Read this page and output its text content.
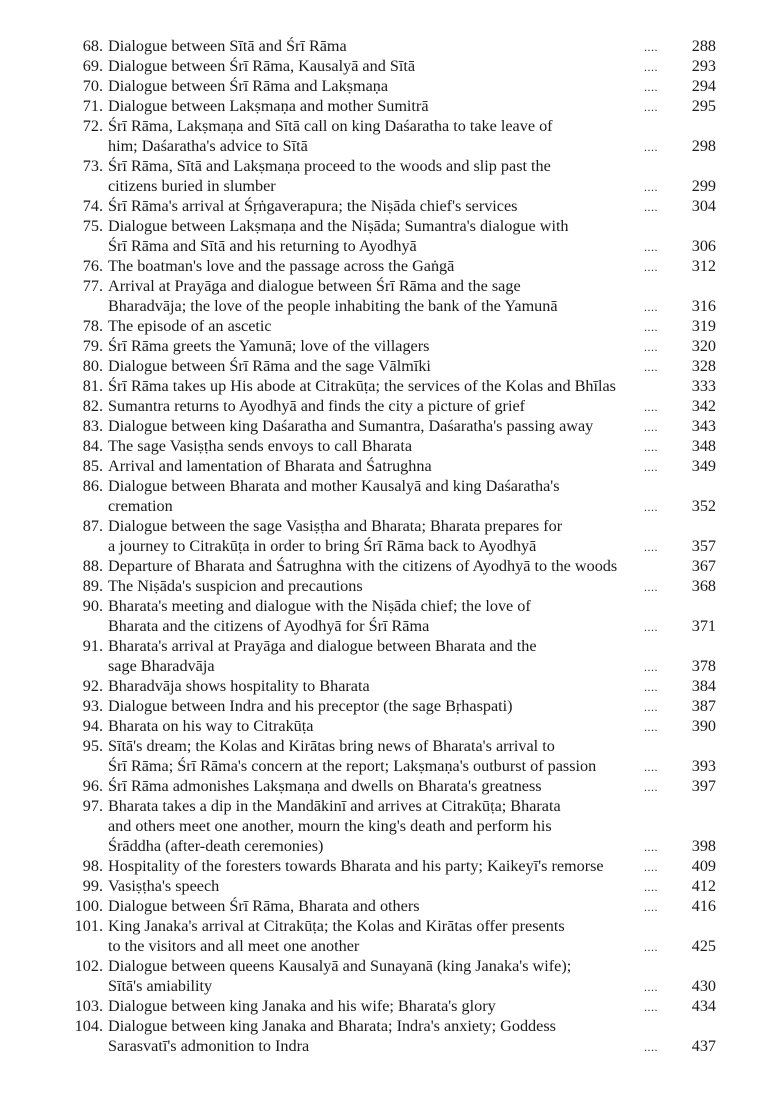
68. Dialogue between Sītā and Śrī Rāma	....	288
69. Dialogue between Śrī Rāma, Kausalyā and Sītā	....	293
70. Dialogue between Śrī Rāma and Lakṣmaṇa	....	294
71. Dialogue between Lakṣmaṇa and mother Sumitrā	....	295
72. Śrī Rāma, Lakṣmaṇa and Sītā call on king Daśaratha to take leave of
him; Daśaratha's advice to Sītā	....	298
73. Śrī Rāma, Sītā and Lakṣmaṇa proceed to the woods and slip past the
citizens buried in slumber	....	299
74. Śrī Rāma's arrival at Śṛṅgaverapura; the Niṣāda chief's services	....	304
75. Dialogue between Lakṣmaṇa and the Niṣāda; Sumantra's dialogue with
Śrī Rāma and Sītā and his returning to Ayodhyā	....	306
76. The boatman's love and the passage across the Gaṅgā	....	312
77. Arrival at Prayāga and dialogue between Śrī Rāma and the sage
Bharadvāja; the love of the people inhabiting the bank of the Yamunā	....	316
78. The episode of an ascetic	....	319
79. Śrī Rāma greets the Yamunā; love of the villagers	....	320
80. Dialogue between Śrī Rāma and the sage Vālmīki	....	328
81. Śrī Rāma takes up His abode at Citrakūṭa; the services of the Kolas and Bhīlas	333
82. Sumantra returns to Ayodhyā and finds the city a picture of grief	....	342
83. Dialogue between king Daśaratha and Sumantra, Daśaratha's passing away	....	343
84. The sage Vasiṣṭha sends envoys to call Bharata	....	348
85. Arrival and lamentation of Bharata and Śatrughna	....	349
86. Dialogue between Bharata and mother Kausalyā and king Daśaratha's
cremation	....	352
87. Dialogue between the sage Vasiṣṭha and Bharata; Bharata prepares for
a journey to Citrakūṭa in order to bring Śrī Rāma back to Ayodhyā	....	357
88. Departure of Bharata and Śatrughna with the citizens of Ayodhyā to the woods	367
89. The Niṣāda's suspicion and precautions	....	368
90. Bharata's meeting and dialogue with the Niṣāda chief; the love of
Bharata and the citizens of Ayodhyā for Śrī Rāma	....	371
91. Bharata's arrival at Prayāga and dialogue between Bharata and the
sage Bharadvāja	....	378
92. Bharadvāja shows hospitality to Bharata	....	384
93. Dialogue between Indra and his preceptor (the sage Bṛhaspati)	....	387
94. Bharata on his way to Citrakūṭa	....	390
95. Sītā's dream; the Kolas and Kirātas bring news of Bharata's arrival to
Śrī Rāma; Śrī Rāma's concern at the report; Lakṣmaṇa's outburst of passion	....	393
96. Śrī Rāma admonishes Lakṣmaṇa and dwells on Bharata's greatness	....	397
97. Bharata takes a dip in the Mandākinī and arrives at Citrakūṭa; Bharata
and others meet one another, mourn the king's death and perform his
Śrāddha (after-death ceremonies)	....	398
98. Hospitality of the foresters towards Bharata and his party; Kaikeyī's remorse	....	409
99. Vasiṣṭha's speech	....	412
100. Dialogue between Śrī Rāma, Bharata and others	....	416
101. King Janaka's arrival at Citrakūṭa; the Kolas and Kirātas offer presents
to the visitors and all meet one another	....	425
102. Dialogue between queens Kausalyā and Sunayanā (king Janaka's wife);
Sītā's amiability	....	430
103. Dialogue between king Janaka and his wife; Bharata's glory	....	434
104. Dialogue between king Janaka and Bharata; Indra's anxiety; Goddess
Sarasvatī's admonition to Indra	....	437
